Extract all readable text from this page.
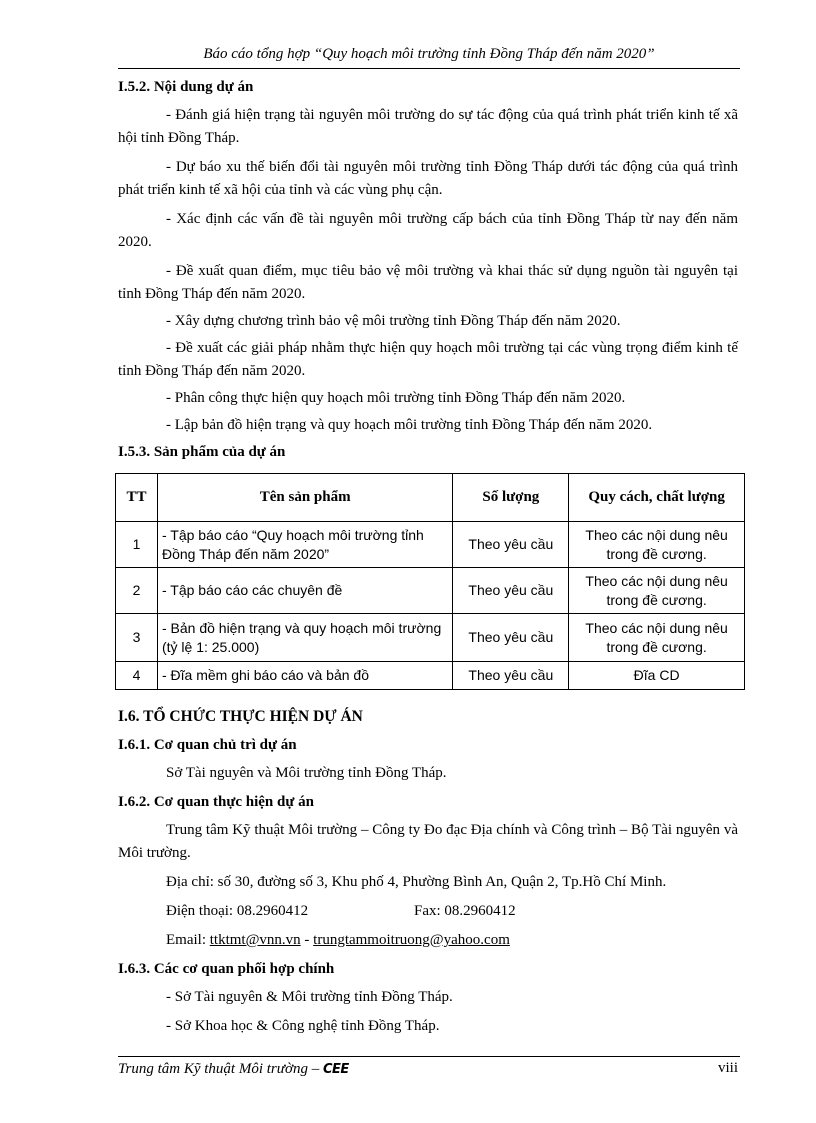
Báo cáo tổng hợp “Quy hoạch môi trường tỉnh Đồng Tháp đến năm 2020”

I.5.2. Nội dung dự án

- Đánh giá hiện trạng tài nguyên môi trường do sự tác động của quá trình phát triển kinh tế xã hội tỉnh Đồng Tháp.

- Dự báo xu thế biến đổi tài nguyên môi trường tỉnh Đồng Tháp dưới tác động của quá trình phát triển kinh tế xã hội của tỉnh và các vùng phụ cận.

- Xác định các vấn đề tài nguyên môi trường cấp bách của tỉnh Đồng Tháp từ nay đến năm 2020.

- Đề xuất quan điểm, mục tiêu bảo vệ môi trường và khai thác sử dụng nguồn tài nguyên tại tỉnh Đồng Tháp đến năm 2020.

- Xây dựng chương trình bảo vệ môi trường tỉnh Đồng Tháp đến năm 2020.

- Đề xuất các giải pháp nhằm thực hiện quy hoạch môi trường tại các vùng trọng điểm kinh tế tỉnh Đồng Tháp đến năm 2020.

- Phân công thực hiện quy hoạch môi trường tỉnh Đồng Tháp đến năm 2020.

- Lập bản đồ hiện trạng và quy hoạch môi trường tỉnh Đồng Tháp đến năm 2020.

I.5.3. Sản phẩm của dự án

TT	Tên sản phẩm	Số lượng	Quy cách, chất lượng
1	- Tập báo cáo “Quy hoạch môi trường tỉnh Đồng Tháp đến năm 2020”	Theo yêu cầu	Theo các nội dung nêu trong đề cương.
2	- Tập báo cáo các chuyên đề	Theo yêu cầu	Theo các nội dung nêu trong đề cương.
3	- Bản đồ hiện trạng và quy hoạch môi trường (tỷ lệ 1: 25.000)	Theo yêu cầu	Theo các nội dung nêu trong đề cương.
4	- Đĩa mềm ghi báo cáo và bản đồ	Theo yêu cầu	Đĩa CD

I.6. TỔ CHỨC THỰC HIỆN DỰ ÁN

I.6.1. Cơ quan chủ trì dự án

Sở Tài nguyên và Môi trường tỉnh Đồng Tháp.

I.6.2. Cơ quan thực hiện dự án

Trung tâm Kỹ thuật Môi trường – Công ty Đo đạc Địa chính và Công trình – Bộ Tài nguyên và Môi trường.

Địa chỉ: số 30, đường số 3, Khu phố 4, Phường Bình An, Quận 2, Tp.Hồ Chí Minh.

Điện thoại: 08.2960412	Fax: 08.2960412

Email: ttktmt@vnn.vn - trungtammoitruong@yahoo.com

I.6.3. Các cơ quan phối hợp chính

- Sở Tài nguyên & Môi trường tỉnh Đồng Tháp.

- Sở Khoa học & Công nghệ tỉnh Đồng Tháp.

Trung tâm Kỹ thuật Môi trường – CEE	viii
